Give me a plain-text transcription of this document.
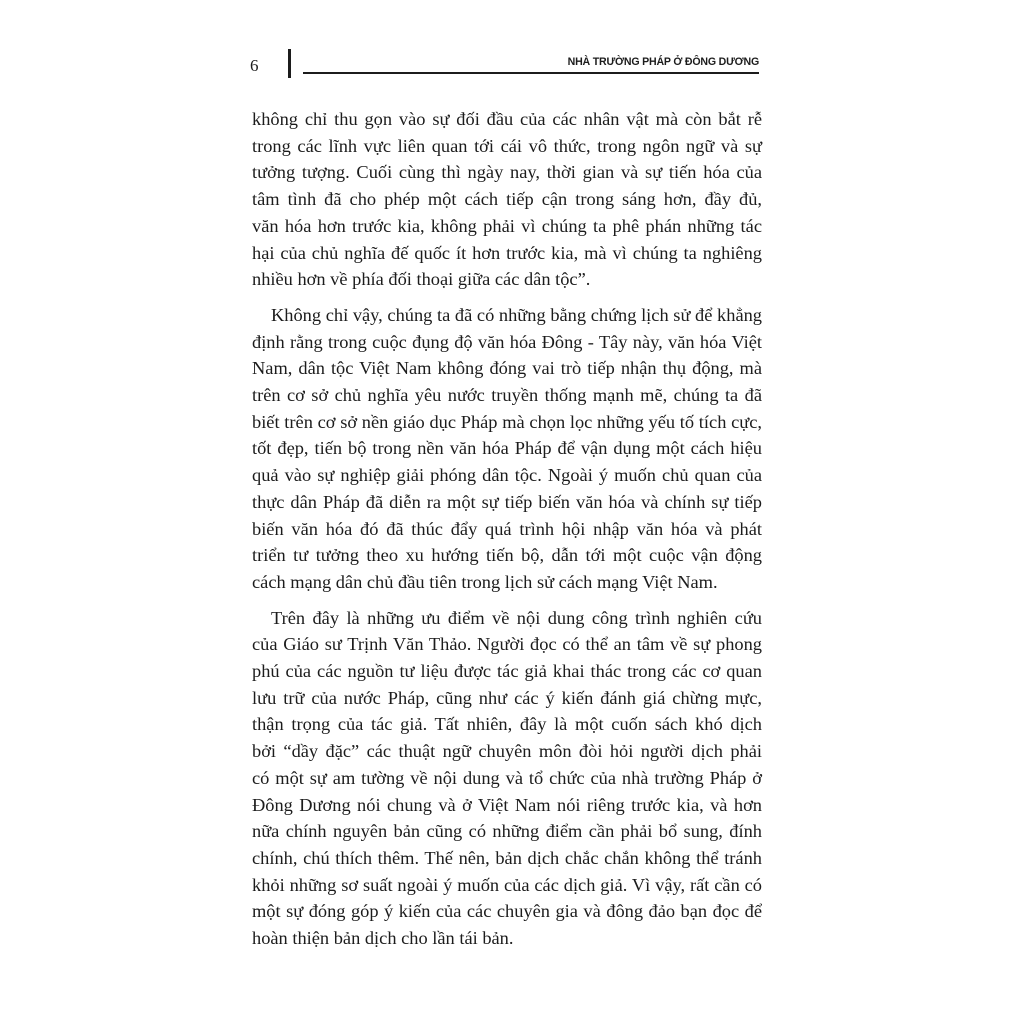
6	NHÀ TRƯỜNG PHÁP Ở ĐÔNG DƯƠNG

không chỉ thu gọn vào sự đối đầu của các nhân vật mà còn bắt rễ
trong các lĩnh vực liên quan tới cái vô thức, trong ngôn ngữ và sự
tưởng tượng. Cuối cùng thì ngày nay, thời gian và sự tiến hóa của
tâm tình đã cho phép một cách tiếp cận trong sáng hơn, đầy đủ,
văn hóa hơn trước kia, không phải vì chúng ta phê phán những tác
hại của chủ nghĩa đế quốc ít hơn trước kia, mà vì chúng ta nghiêng
nhiều hơn về phía đối thoại giữa các dân tộc”.

Không chỉ vậy, chúng ta đã có những bằng chứng lịch sử để khẳng
định rằng trong cuộc đụng độ văn hóa Đông - Tây này, văn hóa Việt
Nam, dân tộc Việt Nam không đóng vai trò tiếp nhận thụ động, mà
trên cơ sở chủ nghĩa yêu nước truyền thống mạnh mẽ, chúng ta đã
biết trên cơ sở nền giáo dục Pháp mà chọn lọc những yếu tố tích cực,
tốt đẹp, tiến bộ trong nền văn hóa Pháp để vận dụng một cách hiệu
quả vào sự nghiệp giải phóng dân tộc. Ngoài ý muốn chủ quan của
thực dân Pháp đã diễn ra một sự tiếp biến văn hóa và chính sự tiếp
biến văn hóa đó đã thúc đẩy quá trình hội nhập văn hóa và phát
triển tư tưởng theo xu hướng tiến bộ, dẫn tới một cuộc vận động
cách mạng dân chủ đầu tiên trong lịch sử cách mạng Việt Nam.

Trên đây là những ưu điểm về nội dung công trình nghiên cứu
của Giáo sư Trịnh Văn Thảo. Người đọc có thể an tâm về sự phong
phú của các nguồn tư liệu được tác giả khai thác trong các cơ quan
lưu trữ của nước Pháp, cũng như các ý kiến đánh giá chừng mực,
thận trọng của tác giả. Tất nhiên, đây là một cuốn sách khó dịch
bởi “dầy đặc” các thuật ngữ chuyên môn đòi hỏi người dịch phải
có một sự am tường về nội dung và tổ chức của nhà trường Pháp ở
Đông Dương nói chung và ở Việt Nam nói riêng trước kia, và hơn
nữa chính nguyên bản cũng có những điểm cần phải bổ sung, đính
chính, chú thích thêm. Thế nên, bản dịch chắc chắn không thể tránh
khỏi những sơ suất ngoài ý muốn của các dịch giả. Vì vậy, rất cần có
một sự đóng góp ý kiến của các chuyên gia và đông đảo bạn đọc để
hoàn thiện bản dịch cho lần tái bản.
